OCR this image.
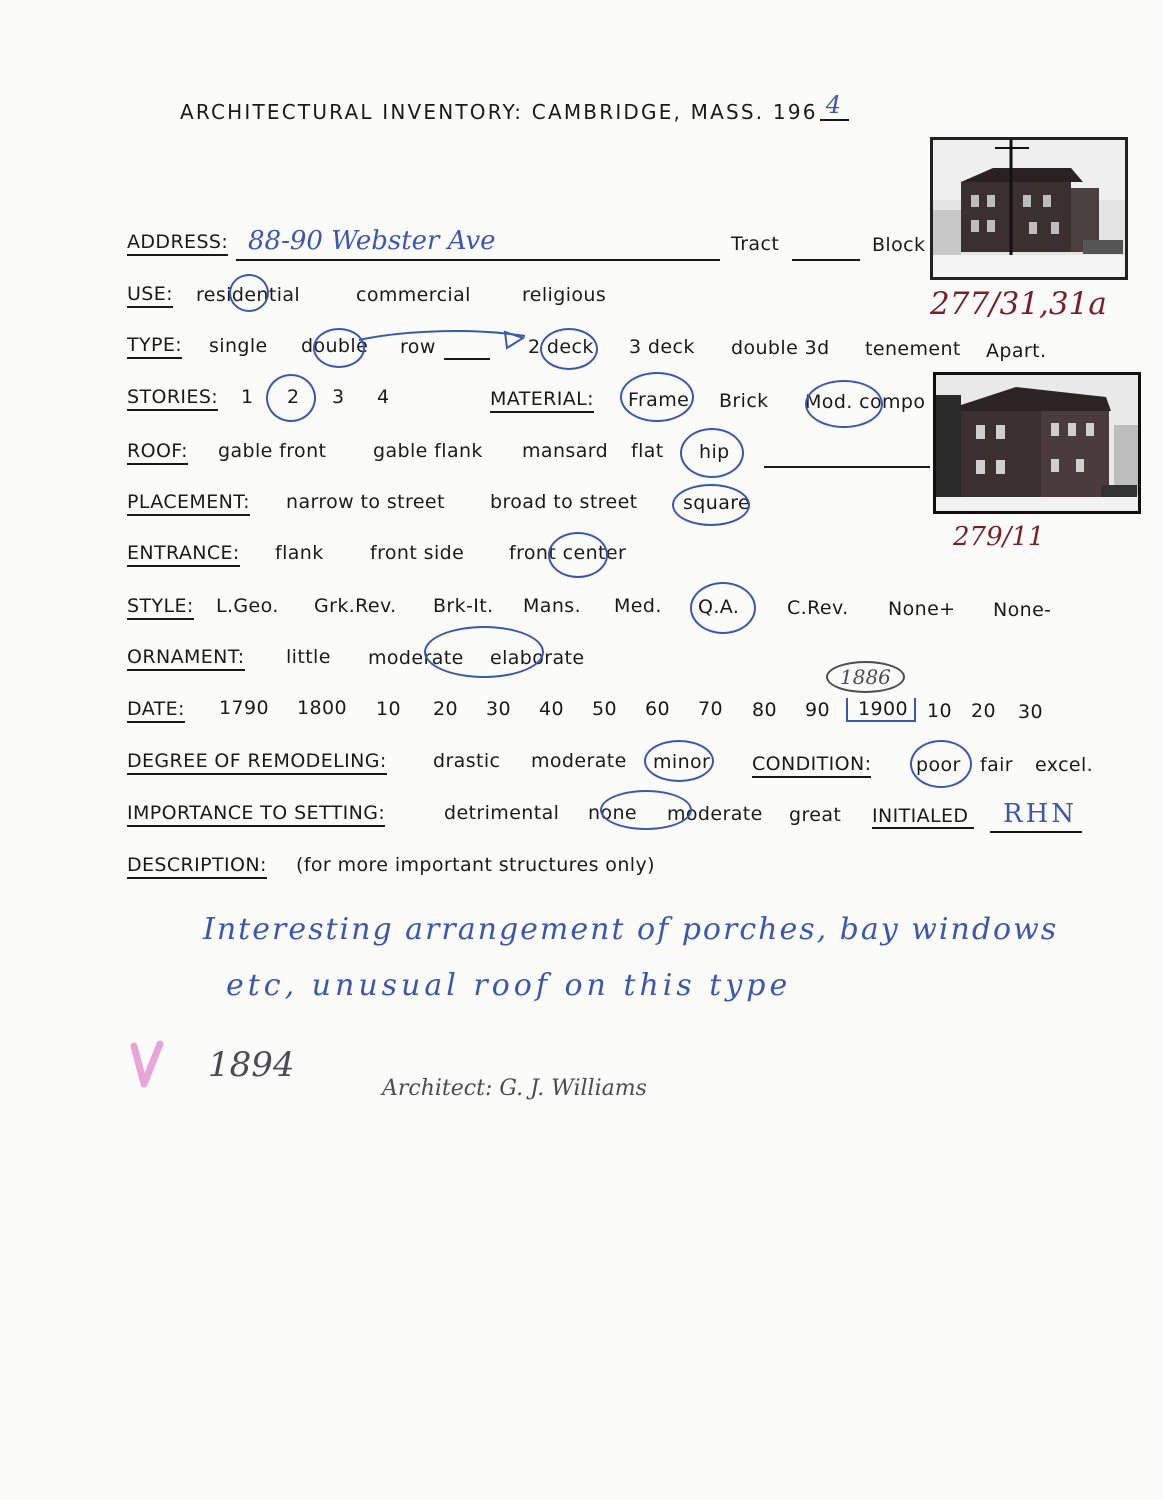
ARCHITECTURAL INVENTORY: CAMBRIDGE, MASS. 196 4
277/31,31a
279/11
ADDRESS: 88-90 Webster Ave	Tract	Block
USE: residential	commercial	religious
TYPE: single double row	2 deck 3 deck double 3d tenement Apart.
STORIES: 1 2 3 4	MATERIAL: Frame Brick Mod. compo
ROOF: gable front gable flank mansard flat hip
PLACEMENT: narrow to street broad to street square
ENTRANCE: flank front side front center
STYLE: L.Geo. Grk.Rev. Brk-It. Mans. Med. Q.A.	C.Rev. None+ None-
ORNAMENT: little moderate elaborate
DATE: 1790 1800 10 20 30 40 50 60 70 80 90	1900	10 20 30
1886
DEGREE OF REMODELING: drastic moderate minor CONDITION: poor fair excel.
IMPORTANCE TO SETTING:	detrimental none moderate great INITIALED RHN
DESCRIPTION: (for more important structures only)
Interesting arrangement of porches, bay windows
etc, unusual roof on this type
1894
Architect: G. J. Williams
